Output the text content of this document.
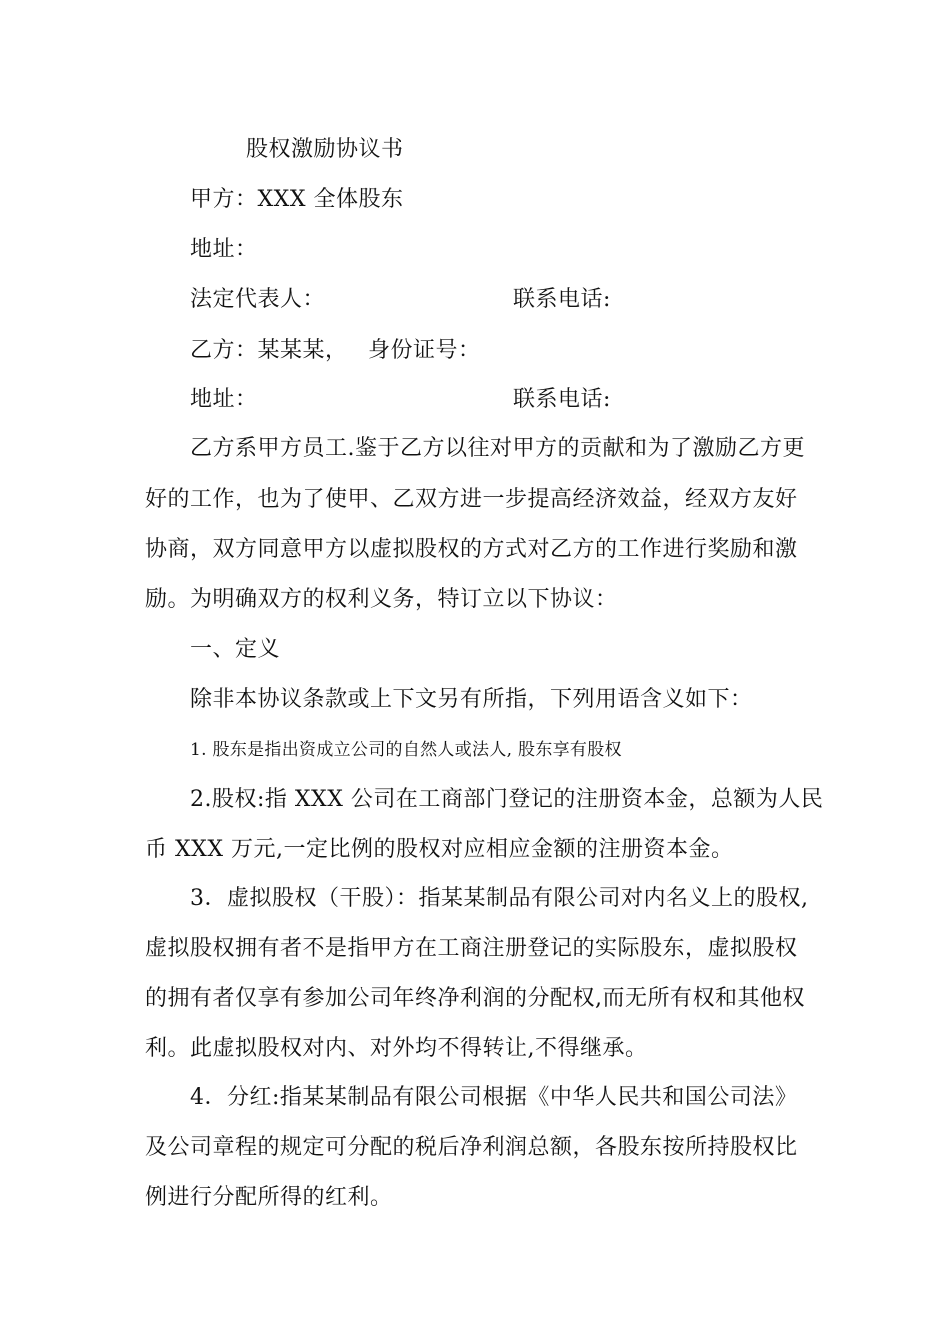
股权激励协议书
甲方：XXX 全体股东
地址：
法定代表人：	联系电话:
乙方：某某某， 身份证号：
地址：	联系电话:
乙方系甲方员工.鉴于乙方以往对甲方的贡献和为了激励乙方更
好的工作，也为了使甲、乙双方进一步提高经济效益，经双方友好
协商，双方同意甲方以虚拟股权的方式对乙方的工作进行奖励和激
励。为明确双方的权利义务，特订立以下协议：
一、定义
除非本协议条款或上下文另有所指，下列用语含义如下：
1. 股东是指出资成立公司的自然人或法人, 股东享有股权
2.股权:指 XXX 公司在工商部门登记的注册资本金，总额为人民
币 XXX 万元,一定比例的股权对应相应金额的注册资本金。
3．虚拟股权（干股）：指某某制品有限公司对内名义上的股权,
虚拟股权拥有者不是指甲方在工商注册登记的实际股东，虚拟股权
的拥有者仅享有参加公司年终净利润的分配权,而无所有权和其他权
利。此虚拟股权对内、对外均不得转让,不得继承。
4．分红:指某某制品有限公司根据《中华人民共和国公司法》
及公司章程的规定可分配的税后净利润总额，各股东按所持股权比
例进行分配所得的红利。
